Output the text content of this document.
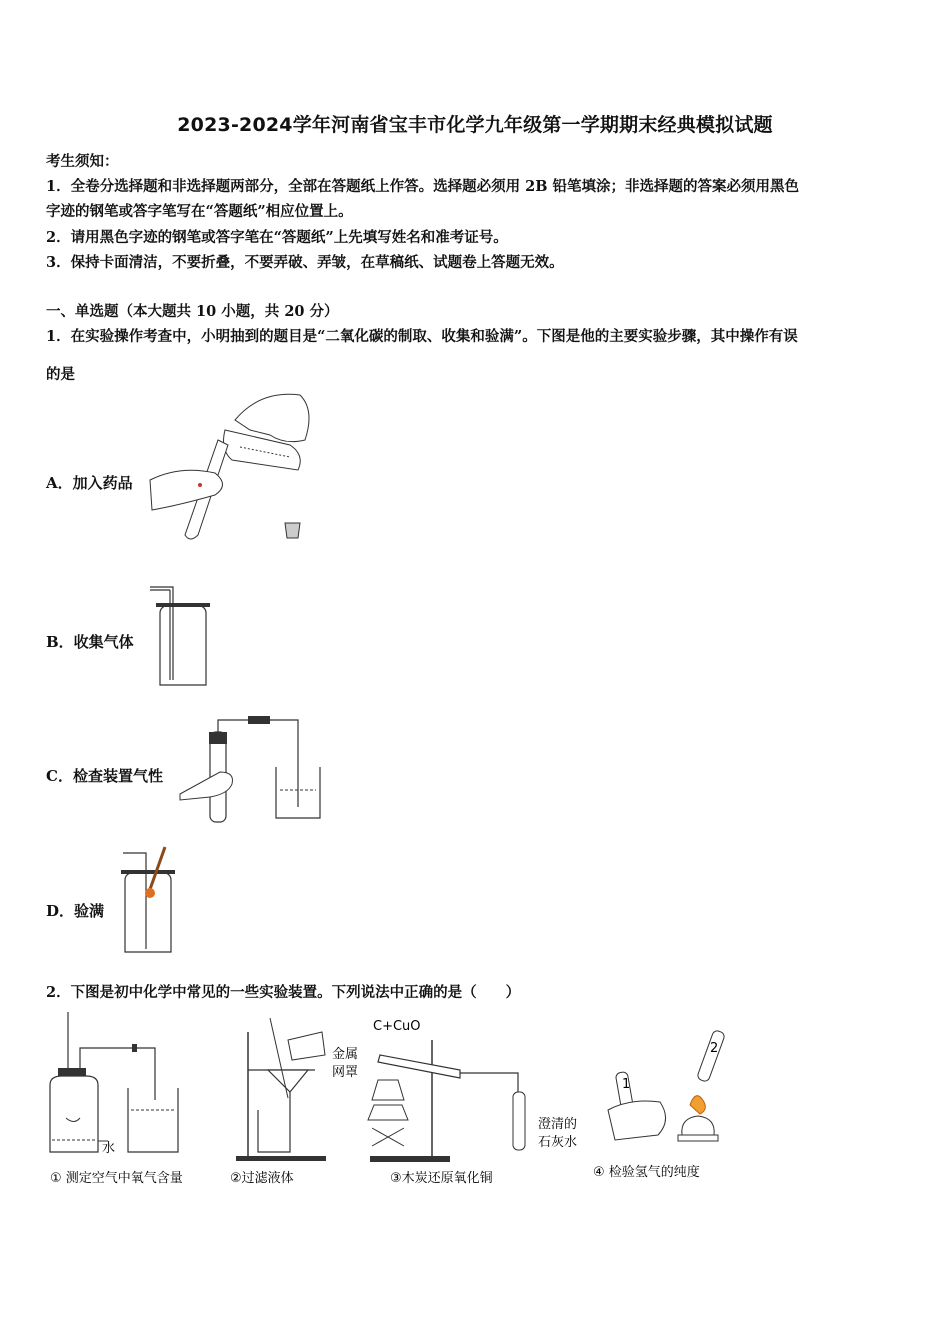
2023-2024学年河南省宝丰市化学九年级第一学期期末经典模拟试题
考生须知：
1．全卷分选择题和非选择题两部分，全部在答题纸上作答。选择题必须用 2B 铅笔填涂；非选择题的答案必须用黑色
字迹的钢笔或答字笔写在“答题纸”相应位置上。
2．请用黑色字迹的钢笔或答字笔在“答题纸”上先填写姓名和准考证号。
3．保持卡面清洁，不要折叠，不要弄破、弄皱，在草稿纸、试题卷上答题无效。
一、单选题（本大题共 10 小题，共 20 分）
1．在实验操作考查中，小明抽到的题目是“二氧化碳的制取、收集和验满”。下图是他的主要实验步骤，其中操作有误
的是
A．加入药品
B．收集气体
C．检查装置气性
D．验满
2．下图是初中化学中常见的一些实验装置。下列说法中正确的是（　　）
水
C+CuO
金属
网罩
澄清的
石灰水
1
2
① 测定空气中氧气含量	②过滤液体	③木炭还原氧化铜	④ 检验氢气的纯度
